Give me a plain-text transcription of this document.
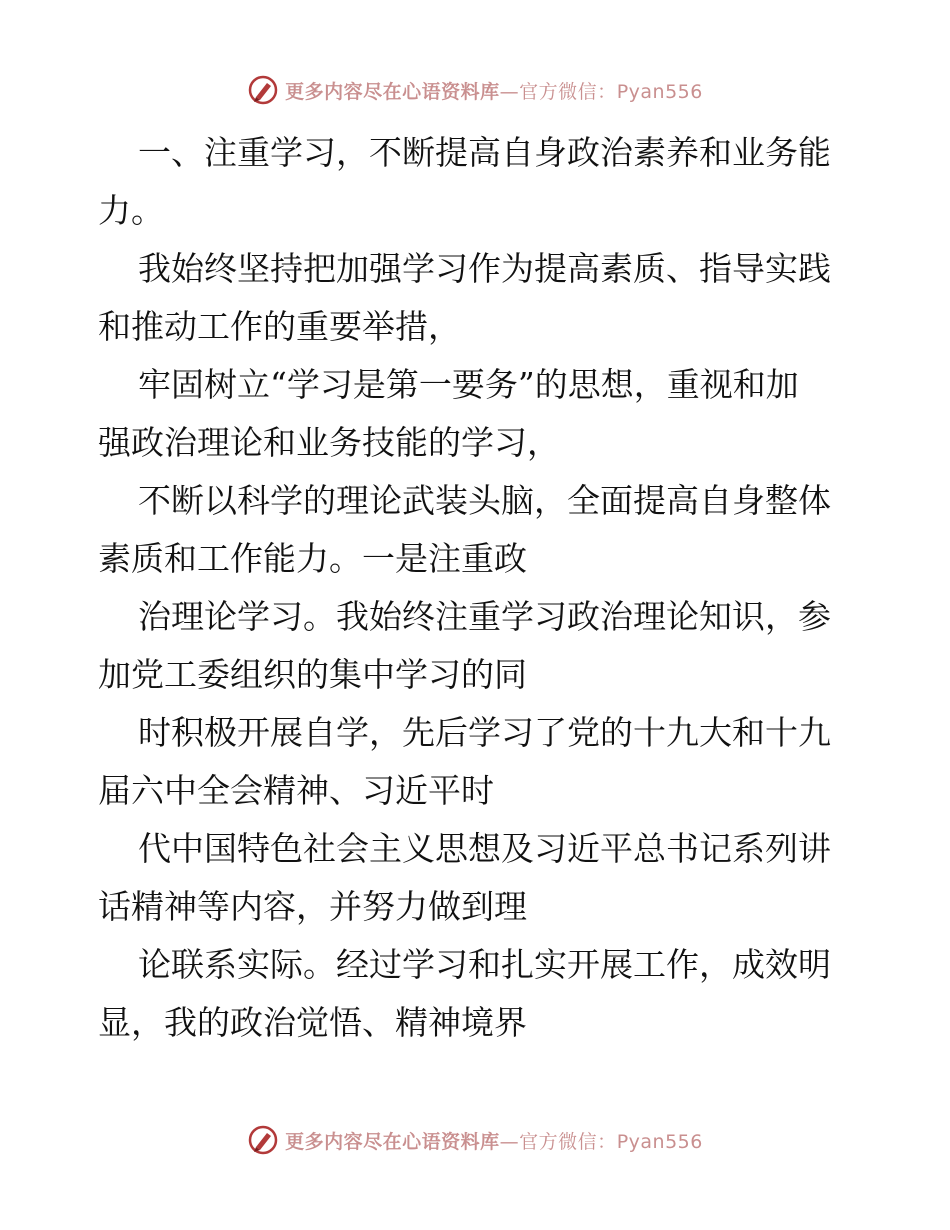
更多内容尽在心语资料库—官方微信：Pyan556

一、注重学习，不断提高自身政治素养和业务能
力。

我始终坚持把加强学习作为提高素质、指导实践
和推动工作的重要举措，

牢固树立“学习是第一要务”的思想，重视和加
强政治理论和业务技能的学习，

不断以科学的理论武装头脑，全面提高自身整体
素质和工作能力。一是注重政

治理论学习。我始终注重学习政治理论知识，参
加党工委组织的集中学习的同

时积极开展自学，先后学习了党的十九大和十九
届六中全会精神、习近平时

代中国特色社会主义思想及习近平总书记系列讲
话精神等内容，并努力做到理

论联系实际。经过学习和扎实开展工作，成效明
显，我的政治觉悟、精神境界

更多内容尽在心语资料库—官方微信：Pyan556
